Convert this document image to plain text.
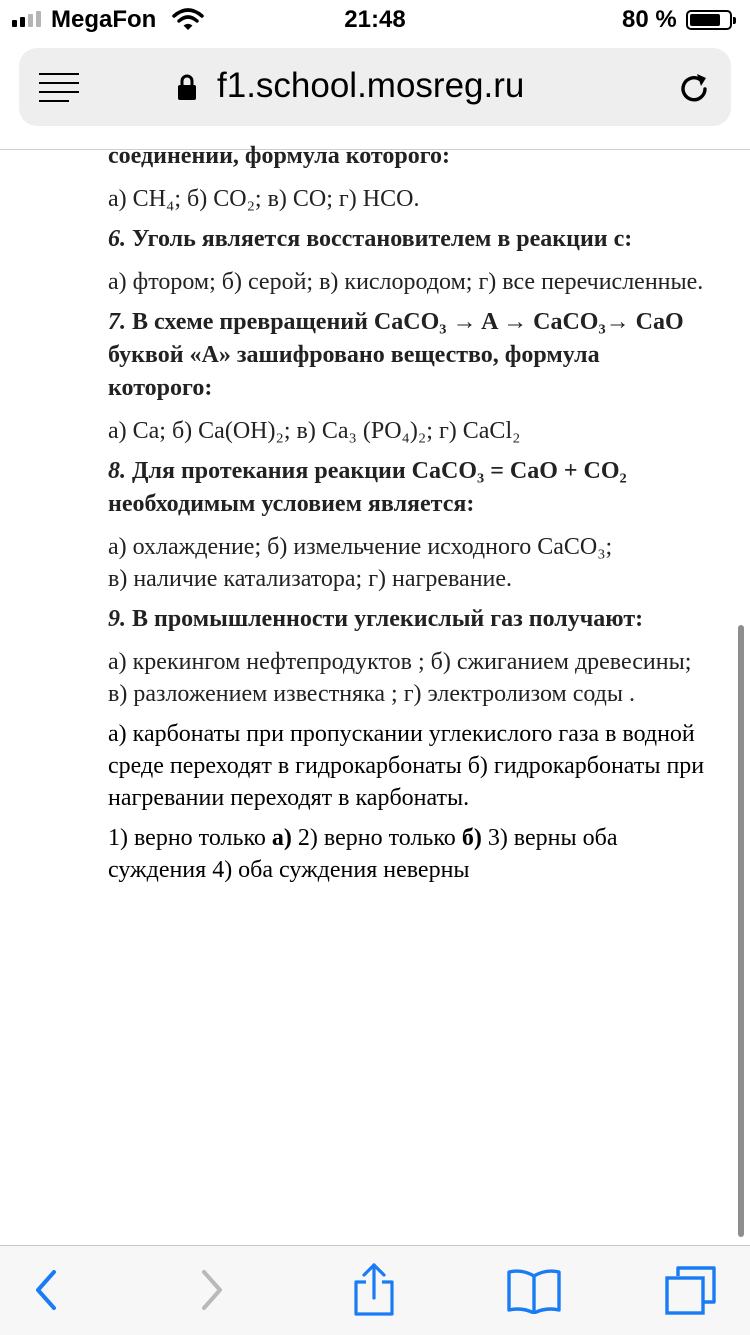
MegaFon	21:48	80 %
f1.school.mosreg.ru

соединении, формула которого:

а) CH₄; б) CO₂; в) CO; г) HCO.

6. Уголь является восстановителем в реакции с:

а) фтором; б) серой; в) кислородом; г) все перечисленные.

7. В схеме превращений CaCO₃ → A → CaCO₃→ CaO буквой «А» зашифровано вещество, формула которого:

а) Ca; б) Ca(OH)₂; в) Ca₃ (PO₄)₂; г) CaCl₂

8. Для протекания реакции CaCO₃ = CaO + CO₂ необходимым условием является:

а) охлаждение; б) измельчение исходного CaCO₃;

в) наличие катализатора; г) нагревание.

9. В промышленности углекислый газ получают:

а) крекингом нефтепродуктов ; б) сжиганием древесины;

в) разложением известняка ; г) электролизом соды .

а) карбонаты при пропускании углекислого газа в водной среде переходят в гидрокарбонаты б) гидрокарбонаты при нагревании переходят в карбонаты.

1) верно только а) 2) верно только б) 3) верны оба суждения 4) оба суждения неверны
